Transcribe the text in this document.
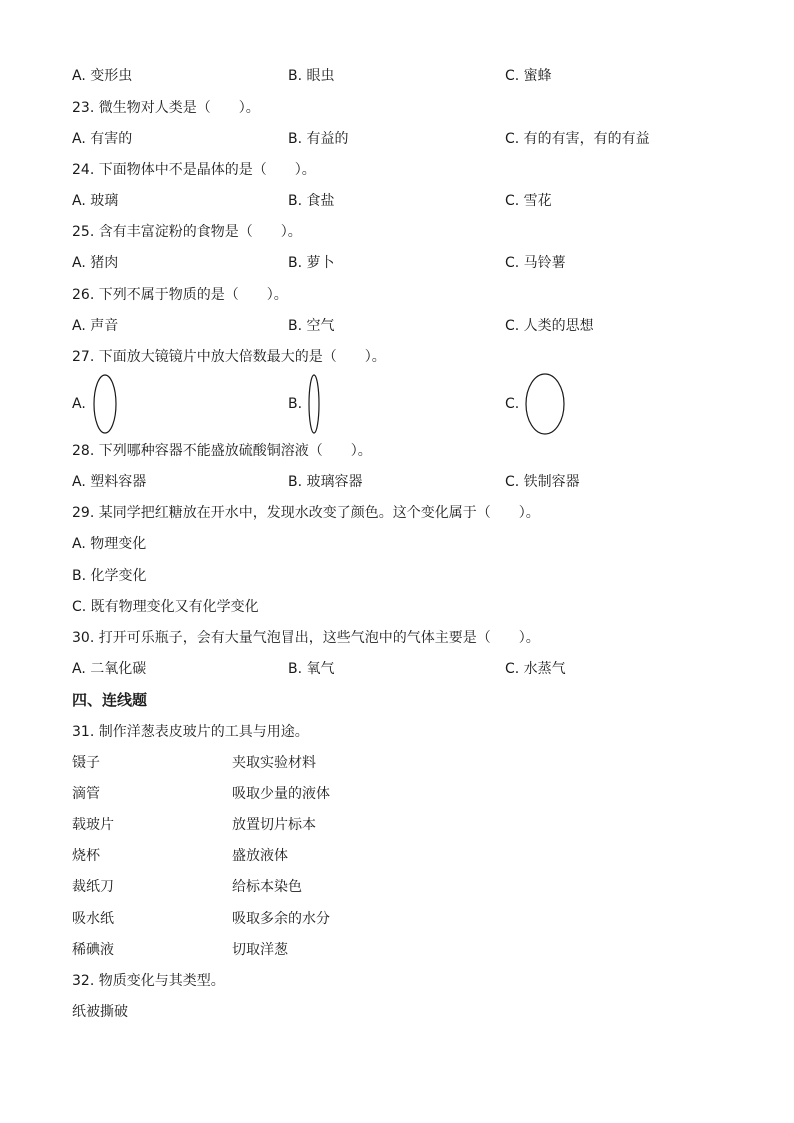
A. 变形虫	B. 眼虫	C. 蜜蜂
23. 微生物对人类是（　　）。
A. 有害的	B. 有益的	C. 有的有害，有的有益
24. 下面物体中不是晶体的是（　　）。
A. 玻璃	B. 食盐	C. 雪花
25. 含有丰富淀粉的食物是（　　）。
A. 猪肉	B. 萝卜	C. 马铃薯
26. 下列不属于物质的是（　　）。
A. 声音	B. 空气	C. 人类的思想
27. 下面放大镜镜片中放大倍数最大的是（　　）。
A.	B.	C.
28. 下列哪种容器不能盛放硫酸铜溶液（　　）。
A. 塑料容器	B. 玻璃容器	C. 铁制容器
29. 某同学把红糖放在开水中，发现水改变了颜色。这个变化属于（　　）。
A. 物理变化
B. 化学变化
C. 既有物理变化又有化学变化
30. 打开可乐瓶子，会有大量气泡冒出，这些气泡中的气体主要是（　　）。
A. 二氧化碳	B. 氧气	C. 水蒸气
四、连线题
31. 制作洋葱表皮玻片的工具与用途。
镊子	夹取实验材料
滴管	吸取少量的液体
载玻片	放置切片标本
烧杯	盛放液体
裁纸刀	给标本染色
吸水纸	吸取多余的水分
稀碘液	切取洋葱
32. 物质变化与其类型。
纸被撕破
